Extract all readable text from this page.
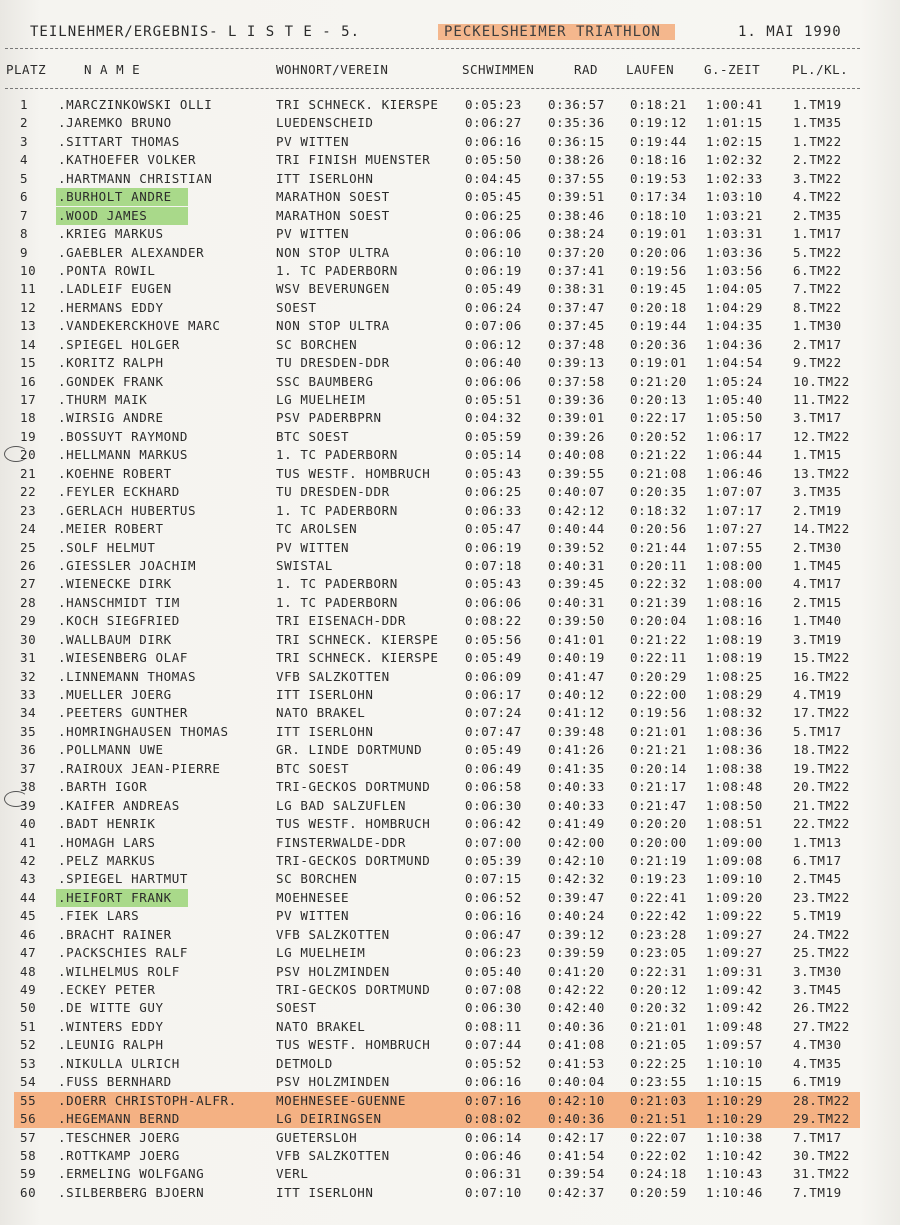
TEILNEHMER/ERGEBNIS- L I S T E - 5.	PECKELSHEIMER TRIATHLON	1. MAI 1990
PLATZ	N A M E	WOHNORT/VEREIN	SCHWIMMEN	RAD LAUFEN G.-ZEIT	PL./KL.
1	.MARCZINKOWSKI OLLI	TRI SCHNECK. KIERSPE	0:05:23 0:36:57 0:18:21 1:00:41 1.TM19
2	.JAREMKO BRUNO	LUEDENSCHEID	0:06:27 0:35:36 0:19:12 1:01:15 1.TM35
3	.SITTART THOMAS	PV WITTEN	0:06:16 0:36:15 0:19:44 1:02:15 1.TM22
4	.KATHOEFER VOLKER	TRI FINISH MUENSTER	0:05:50 0:38:26 0:18:16 1:02:32 2.TM22
5	.HARTMANN CHRISTIAN	ITT ISERLOHN	0:04:45 0:37:55 0:19:53 1:02:33 3.TM22
6	.BURHOLT ANDRE	MARATHON SOEST	0:05:45 0:39:51 0:17:34 1:03:10 4.TM22
7	.WOOD JAMES	MARATHON SOEST	0:06:25 0:38:46 0:18:10 1:03:21 2.TM35
8	.KRIEG MARKUS	PV WITTEN	0:06:06 0:38:24 0:19:01 1:03:31 1.TM17
9	.GAEBLER ALEXANDER	NON STOP ULTRA	0:06:10 0:37:20 0:20:06 1:03:36 5.TM22
10	.PONTA ROWIL	1. TC PADERBORN	0:06:19 0:37:41 0:19:56 1:03:56 6.TM22
11	.LADLEIF EUGEN	WSV BEVERUNGEN	0:05:49 0:38:31 0:19:45 1:04:05 7.TM22
12	.HERMANS EDDY	SOEST	0:06:24 0:37:47 0:20:18 1:04:29 8.TM22
13	.VANDEKERCKHOVE MARC	NON STOP ULTRA	0:07:06 0:37:45 0:19:44 1:04:35 1.TM30
14	.SPIEGEL HOLGER	SC BORCHEN	0:06:12 0:37:48 0:20:36 1:04:36 2.TM17
15	.KORITZ RALPH	TU DRESDEN-DDR	0:06:40 0:39:13 0:19:01 1:04:54 9.TM22
16	.GONDEK FRANK	SSC BAUMBERG	0:06:06 0:37:58 0:21:20 1:05:24 10.TM22
17	.THURM MAIK	LG MUELHEIM	0:05:51 0:39:36 0:20:13 1:05:40 11.TM22
18	.WIRSIG ANDRE	PSV PADERBPRN	0:04:32 0:39:01 0:22:17 1:05:50 3.TM17
19	.BOSSUYT RAYMOND	BTC SOEST	0:05:59 0:39:26 0:20:52 1:06:17 12.TM22
20	.HELLMANN MARKUS	1. TC PADERBORN	0:05:14 0:40:08 0:21:22 1:06:44 1.TM15
21	.KOEHNE ROBERT	TUS WESTF. HOMBRUCH	0:05:43 0:39:55 0:21:08 1:06:46 13.TM22
22	.FEYLER ECKHARD	TU DRESDEN-DDR	0:06:25 0:40:07 0:20:35 1:07:07 3.TM35
23	.GERLACH HUBERTUS	1. TC PADERBORN	0:06:33 0:42:12 0:18:32 1:07:17 2.TM19
24	.MEIER ROBERT	TC AROLSEN	0:05:47 0:40:44 0:20:56 1:07:27 14.TM22
25	.SOLF HELMUT	PV WITTEN	0:06:19 0:39:52 0:21:44 1:07:55 2.TM30
26	.GIESSLER JOACHIM	SWISTAL	0:07:18 0:40:31 0:20:11 1:08:00 1.TM45
27	.WIENECKE DIRK	1. TC PADERBORN	0:05:43 0:39:45 0:22:32 1:08:00 4.TM17
28	.HANSCHMIDT TIM	1. TC PADERBORN	0:06:06 0:40:31 0:21:39 1:08:16 2.TM15
29	.KOCH SIEGFRIED	TRI EISENACH-DDR	0:08:22 0:39:50 0:20:04 1:08:16 1.TM40
30	.WALLBAUM DIRK	TRI SCHNECK. KIERSPE	0:05:56 0:41:01 0:21:22 1:08:19 3.TM19
31	.WIESENBERG OLAF	TRI SCHNECK. KIERSPE	0:05:49 0:40:19 0:22:11 1:08:19 15.TM22
32	.LINNEMANN THOMAS	VFB SALZKOTTEN	0:06:09 0:41:47 0:20:29 1:08:25 16.TM22
33	.MUELLER JOERG	ITT ISERLOHN	0:06:17 0:40:12 0:22:00 1:08:29 4.TM19
34	.PEETERS GUNTHER	NATO BRAKEL	0:07:24 0:41:12 0:19:56 1:08:32 17.TM22
35	.HOMRINGHAUSEN THOMAS	ITT ISERLOHN	0:07:47 0:39:48 0:21:01 1:08:36 5.TM17
36	.POLLMANN UWE	GR. LINDE DORTMUND	0:05:49 0:41:26 0:21:21 1:08:36 18.TM22
37	.RAIROUX JEAN-PIERRE	BTC SOEST	0:06:49 0:41:35 0:20:14 1:08:38 19.TM22
38	.BARTH IGOR	TRI-GECKOS DORTMUND	0:06:58 0:40:33 0:21:17 1:08:48 20.TM22
39	.KAIFER ANDREAS	LG BAD SALZUFLEN	0:06:30 0:40:33 0:21:47 1:08:50 21.TM22
40	.BADT HENRIK	TUS WESTF. HOMBRUCH	0:06:42 0:41:49 0:20:20 1:08:51 22.TM22
41	.HOMAGH LARS	FINSTERWALDE-DDR	0:07:00 0:42:00 0:20:00 1:09:00 1.TM13
42	.PELZ MARKUS	TRI-GECKOS DORTMUND	0:05:39 0:42:10 0:21:19 1:09:08 6.TM17
43	.SPIEGEL HARTMUT	SC BORCHEN	0:07:15 0:42:32 0:19:23 1:09:10 2.TM45
44	.HEIFORT FRANK	MOEHNESEE	0:06:52 0:39:47 0:22:41 1:09:20 23.TM22
45	.FIEK LARS	PV WITTEN	0:06:16 0:40:24 0:22:42 1:09:22 5.TM19
46	.BRACHT RAINER	VFB SALZKOTTEN	0:06:47 0:39:12 0:23:28 1:09:27 24.TM22
47	.PACKSCHIES RALF	LG MUELHEIM	0:06:23 0:39:59 0:23:05 1:09:27 25.TM22
48	.WILHELMUS ROLF	PSV HOLZMINDEN	0:05:40 0:41:20 0:22:31 1:09:31 3.TM30
49	.ECKEY PETER	TRI-GECKOS DORTMUND	0:07:08 0:42:22 0:20:12 1:09:42 3.TM45
50	.DE WITTE GUY	SOEST	0:06:30 0:42:40 0:20:32 1:09:42 26.TM22
51	.WINTERS EDDY	NATO BRAKEL	0:08:11 0:40:36 0:21:01 1:09:48 27.TM22
52	.LEUNIG RALPH	TUS WESTF. HOMBRUCH	0:07:44 0:41:08 0:21:05 1:09:57 4.TM30
53	.NIKULLA ULRICH	DETMOLD	0:05:52 0:41:53 0:22:25 1:10:10 4.TM35
54	.FUSS BERNHARD	PSV HOLZMINDEN	0:06:16 0:40:04 0:23:55 1:10:15 6.TM19
55	.DOERR CHRISTOPH-ALFR.	MOEHNESEE-GUENNE	0:07:16 0:42:10 0:21:03 1:10:29 28.TM22
56	.HEGEMANN BERND	LG DEIRINGSEN	0:08:02 0:40:36 0:21:51 1:10:29 29.TM22
57	.TESCHNER JOERG	GUETERSLOH	0:06:14 0:42:17 0:22:07 1:10:38 7.TM17
58	.ROTTKAMP JOERG	VFB SALZKOTTEN	0:06:46 0:41:54 0:22:02 1:10:42 30.TM22
59	.ERMELING WOLFGANG	VERL	0:06:31 0:39:54 0:24:18 1:10:43 31.TM22
60	.SILBERBERG BJOERN	ITT ISERLOHN	0:07:10 0:42:37 0:20:59 1:10:46 7.TM19
